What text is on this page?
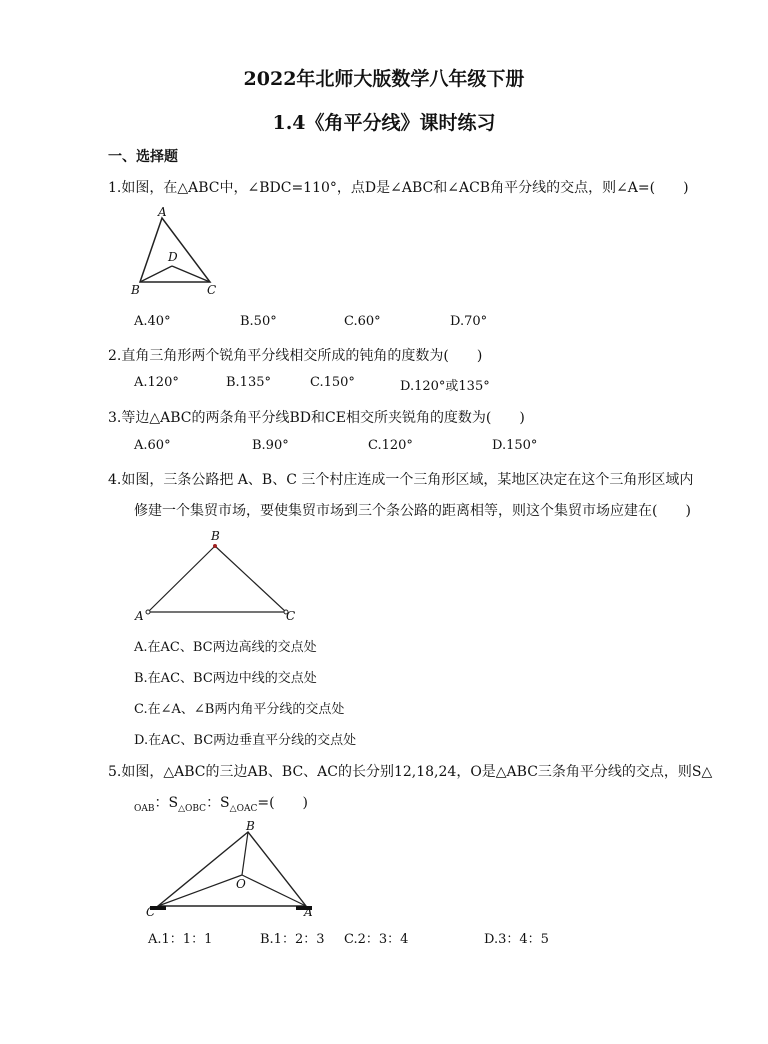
2022年北师大版数学八年级下册
1.4《角平分线》课时练习
一、选择题
1.如图，在△ABC中，∠BDC=110°，点D是∠ABC和∠ACB角平分线的交点，则∠A=(　　)
A
B	C
D
A.40°	B.50°	C.60°	D.70°
2.直角三角形两个锐角平分线相交所成的钝角的度数为(　　)
A.120°	B.135°	C.150°	D.120°或135°
3.等边△ABC的两条角平分线BD和CE相交所夹锐角的度数为(　　)
A.60°	B.90°	C.120°	D.150°
4.如图，三条公路把 A、B、C 三个村庄连成一个三角形区域，某地区决定在这个三角形区域内
修建一个集贸市场，要使集贸市场到三个条公路的距离相等，则这个集贸市场应建在(　　)
B
A	C
A.在AC、BC两边高线的交点处
B.在AC、BC两边中线的交点处
C.在∠A、∠B两内角平分线的交点处
D.在AC、BC两边垂直平分线的交点处
5.如图，△ABC的三边AB、BC、AC的长分别12,18,24，O是△ABC三条角平分线的交点，则S△
$_{OAB}$：$S_{\triangle OBC}$：$S_{\triangle OAC}=$(　　)
B
O
C	A
A.1：1：1	B.1：2：3 C.2：3：4	D.3：4：5
